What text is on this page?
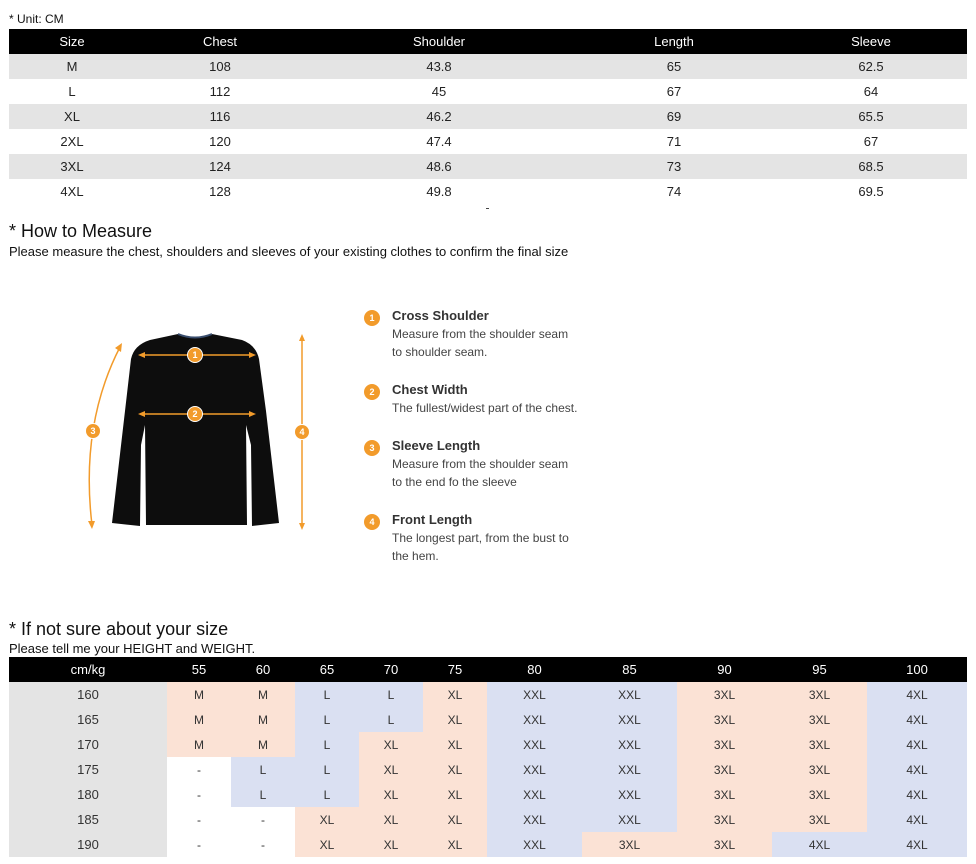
* Unit: CM
Size	Chest	Shoulder	Length	Sleeve
M	108	43.8	65	62.5
L	112	45	67	64
XL	116	46.2	69	65.5
2XL	120	47.4	71	67
3XL	124	48.6	73	68.5
4XL	128	49.8	74	69.5
* How to Measure

Please measure the chest, shoulders and sleeves of your existing clothes to confirm the final size

1
2
3	4
1	Cross Shoulder
Measure from the shoulder seam
to shoulder seam.
2	Chest Width
The fullest/widest part of the chest.
3	Sleeve Length
Measure from the shoulder seam
to the end fo the sleeve
4	Front Length
The longest part, from the bust to
the hem.
* If not sure about your size

Please tell me your HEIGHT and WEIGHT.

cm/kg	55	60	65	70	75	80	85	90	95	100
160	M	M	L	L	XL	XXL	XXL	3XL	3XL	4XL
165	M	M	L	L	XL	XXL	XXL	3XL	3XL	4XL
170	M	M	L	XL	XL	XXL	XXL	3XL	3XL	4XL
175	-	L	L	XL	XL	XXL	XXL	3XL	3XL	4XL
180	-	L	L	XL	XL	XXL	XXL	3XL	3XL	4XL
185	-	-	XL	XL	XL	XXL	XXL	3XL	3XL	4XL
190	-	-	XL	XL	XL	XXL	3XL	3XL	4XL	4XL
